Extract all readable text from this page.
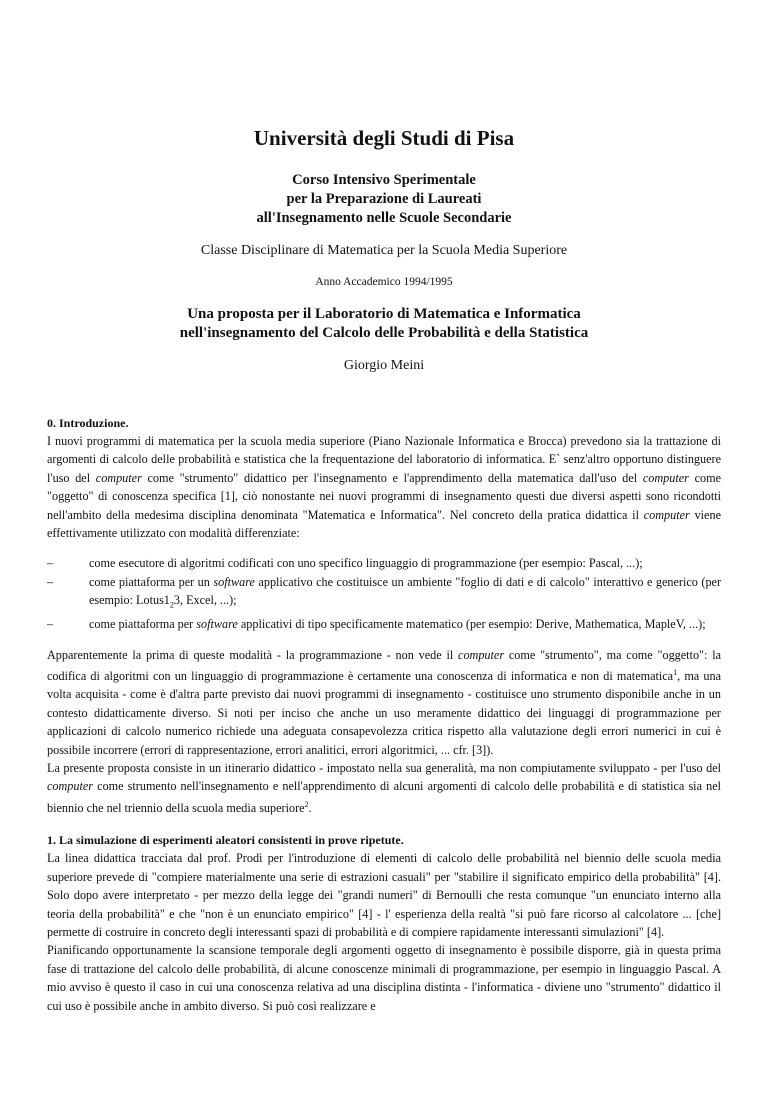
Università degli Studi di Pisa
Corso Intensivo Sperimentale
per la Preparazione di Laureati
all'Insegnamento nelle Scuole Secondarie
Classe Disciplinare di Matematica per la Scuola Media Superiore
Anno Accademico 1994/1995
Una proposta per il Laboratorio di Matematica e Informatica
nell'insegnamento del Calcolo delle Probabilità e della Statistica
Giorgio Meini
0. Introduzione.

I nuovi programmi di matematica per la scuola media superiore (Piano Nazionale Informatica e Brocca) prevedono sia la trattazione di argomenti di calcolo delle probabilità e statistica che la frequentazione del laboratorio di informatica. E` senz'altro opportuno distinguere l'uso del computer come "strumento" didattico per l'insegnamento e l'apprendimento della matematica dall'uso del computer come "oggetto" di conoscenza specifica [1], ciò nonostante nei nuovi programmi di insegnamento questi due diversi aspetti sono ricondotti nell'ambito della medesima disciplina denominata "Matematica e Informatica". Nel concreto della pratica didattica il computer viene effettivamente utilizzato con modalità differenziate:

–	come esecutore di algoritmi codificati con uno specifico linguaggio di programmazione (per esempio: Pascal, ...);
–	come piattaforma per un software applicativo che costituisce un ambiente "foglio di dati e di calcolo" interattivo e generico (per esempio: $Lotus1_23$, Excel, ...);
–	come piattaforma per software applicativi di tipo specificamente matematico (per esempio: Derive, Mathematica, MapleV, ...);

Apparentemente la prima di queste modalità - la programmazione - non vede il computer come "strumento", ma come "oggetto": la codifica di algoritmi con un linguaggio di programmazione è certamente una conoscenza di informatica e non di matematica$^1$, ma una volta acquisita - come è d'altra parte previsto dai nuovi programmi di insegnamento - costituisce uno strumento disponibile anche in un contesto didatticamente diverso. Si noti per inciso che anche un uso meramente didattico dei linguaggi di programmazione per applicazioni di calcolo numerico richiede una adeguata consapevolezza critica rispetto alla valutazione degli errori numerici in cui è possibile incorrere (errori di rappresentazione, errori analitici, errori algoritmici, ... cfr. [3]).

La presente proposta consiste in un itinerario didattico - impostato nella sua generalità, ma non compiutamente sviluppato - per l'uso del computer come strumento nell'insegnamento e nell'apprendimento di alcuni argomenti di calcolo delle probabilità e di statistica sia nel biennio che nel triennio della scuola media superiore$^2$.

1. La simulazione di esperimenti aleatori consistenti in prove ripetute.

La linea didattica tracciata dal prof. Prodi per l'introduzione di elementi di calcolo delle probabilità nel biennio delle scuola media superiore prevede di "compiere materialmente una serie di estrazioni casuali" per "stabilire il significato empirico della probabilità" [4]. Solo dopo avere interpretato - per mezzo della legge dei "grandi numeri" di Bernoulli che resta comunque "un enunciato interno alla teoria della probabilità" e che "non è un enunciato empirico" [4] - l' esperienza della realtà "si può fare ricorso al calcolatore ... [che] permette di costruire in concreto degli interessanti spazi di probabilità e di compiere rapidamente interessanti simulazioni" [4].

Pianificando opportunamente la scansione temporale degli argomenti oggetto di insegnamento è possibile disporre, già in questa prima fase di trattazione del calcolo delle probabilità, di alcune conoscenze minimali di programmazione, per esempio in linguaggio Pascal. A mio avviso è questo il caso in cui una conoscenza relativa ad una disciplina distinta - l'informatica - diviene uno "strumento" didattico il cui uso è possibile anche in ambito diverso. Si può così realizzare e
